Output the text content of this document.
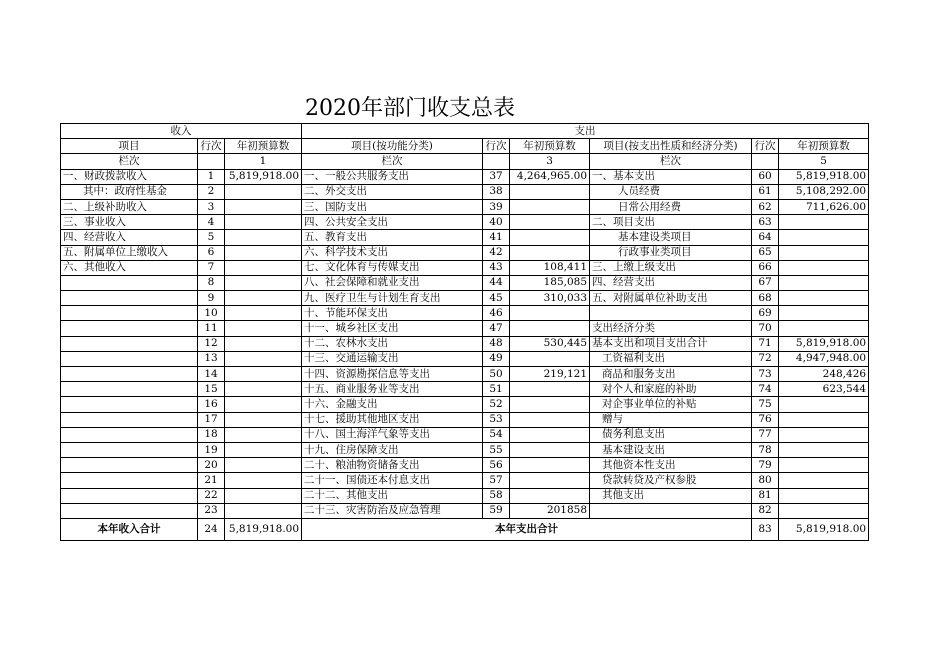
2020年部门收支总表
收入			支出					
项目	行次	年初预算数	项目(按功能分类)	行次	年初预算数	项目(按支出性质和经济分类)	行次	年初预算数
栏次		1	栏次		3	栏次		5
一、财政拨款收入	1	5,819,918.00	一、一般公共服务支出	37	4,264,965.00	一、基本支出	60	5,819,918.00
其中：政府性基金	2		二、外交支出	38		人员经费	61	5,108,292.00
二、上级补助收入	3		三、国防支出	39		日常公用经费	62	711,626.00
三、事业收入	4		四、公共安全支出	40		二、项目支出	63	
四、经营收入	5		五、教育支出	41		基本建设类项目	64	
五、附属单位上缴收入	6		六、科学技术支出	42		行政事业类项目	65	
六、其他收入	7		七、文化体育与传媒支出	43	108,411	三、上缴上级支出	66	
	8		八、社会保障和就业支出	44	185,085	四、经营支出	67	
	9		九、医疗卫生与计划生育支出	45	310,033	五、对附属单位补助支出	68	
	10		十、节能环保支出	46			69	
	11		十一、城乡社区支出	47		支出经济分类	70	
	12		十二、农林水支出	48	530,445	基本支出和项目支出合计	71	5,819,918.00
	13		十三、交通运输支出	49		工资福利支出	72	4,947,948.00
	14		十四、资源勘探信息等支出	50	219,121	商品和服务支出	73	248,426
	15		十五、商业服务业等支出	51		对个人和家庭的补助	74	623,544
	16		十六、金融支出	52		对企事业单位的补贴	75	
	17		十七、援助其他地区支出	53		赠与	76	
	18		十八、国土海洋气象等支出	54		债务利息支出	77	
	19		十九、住房保障支出	55		基本建设支出	78	
	20		二十、粮油物资储备支出	56		其他资本性支出	79	
	21		二十一、国债还本付息支出	57		贷款转贷及产权参股	80	
	22		二十二、其他支出	58		其他支出	81	
	23		二十三、灾害防治及应急管理	59	201858		82	
本年收入合计	24	5,819,918.00	本年支出合计				83	5,819,918.00
